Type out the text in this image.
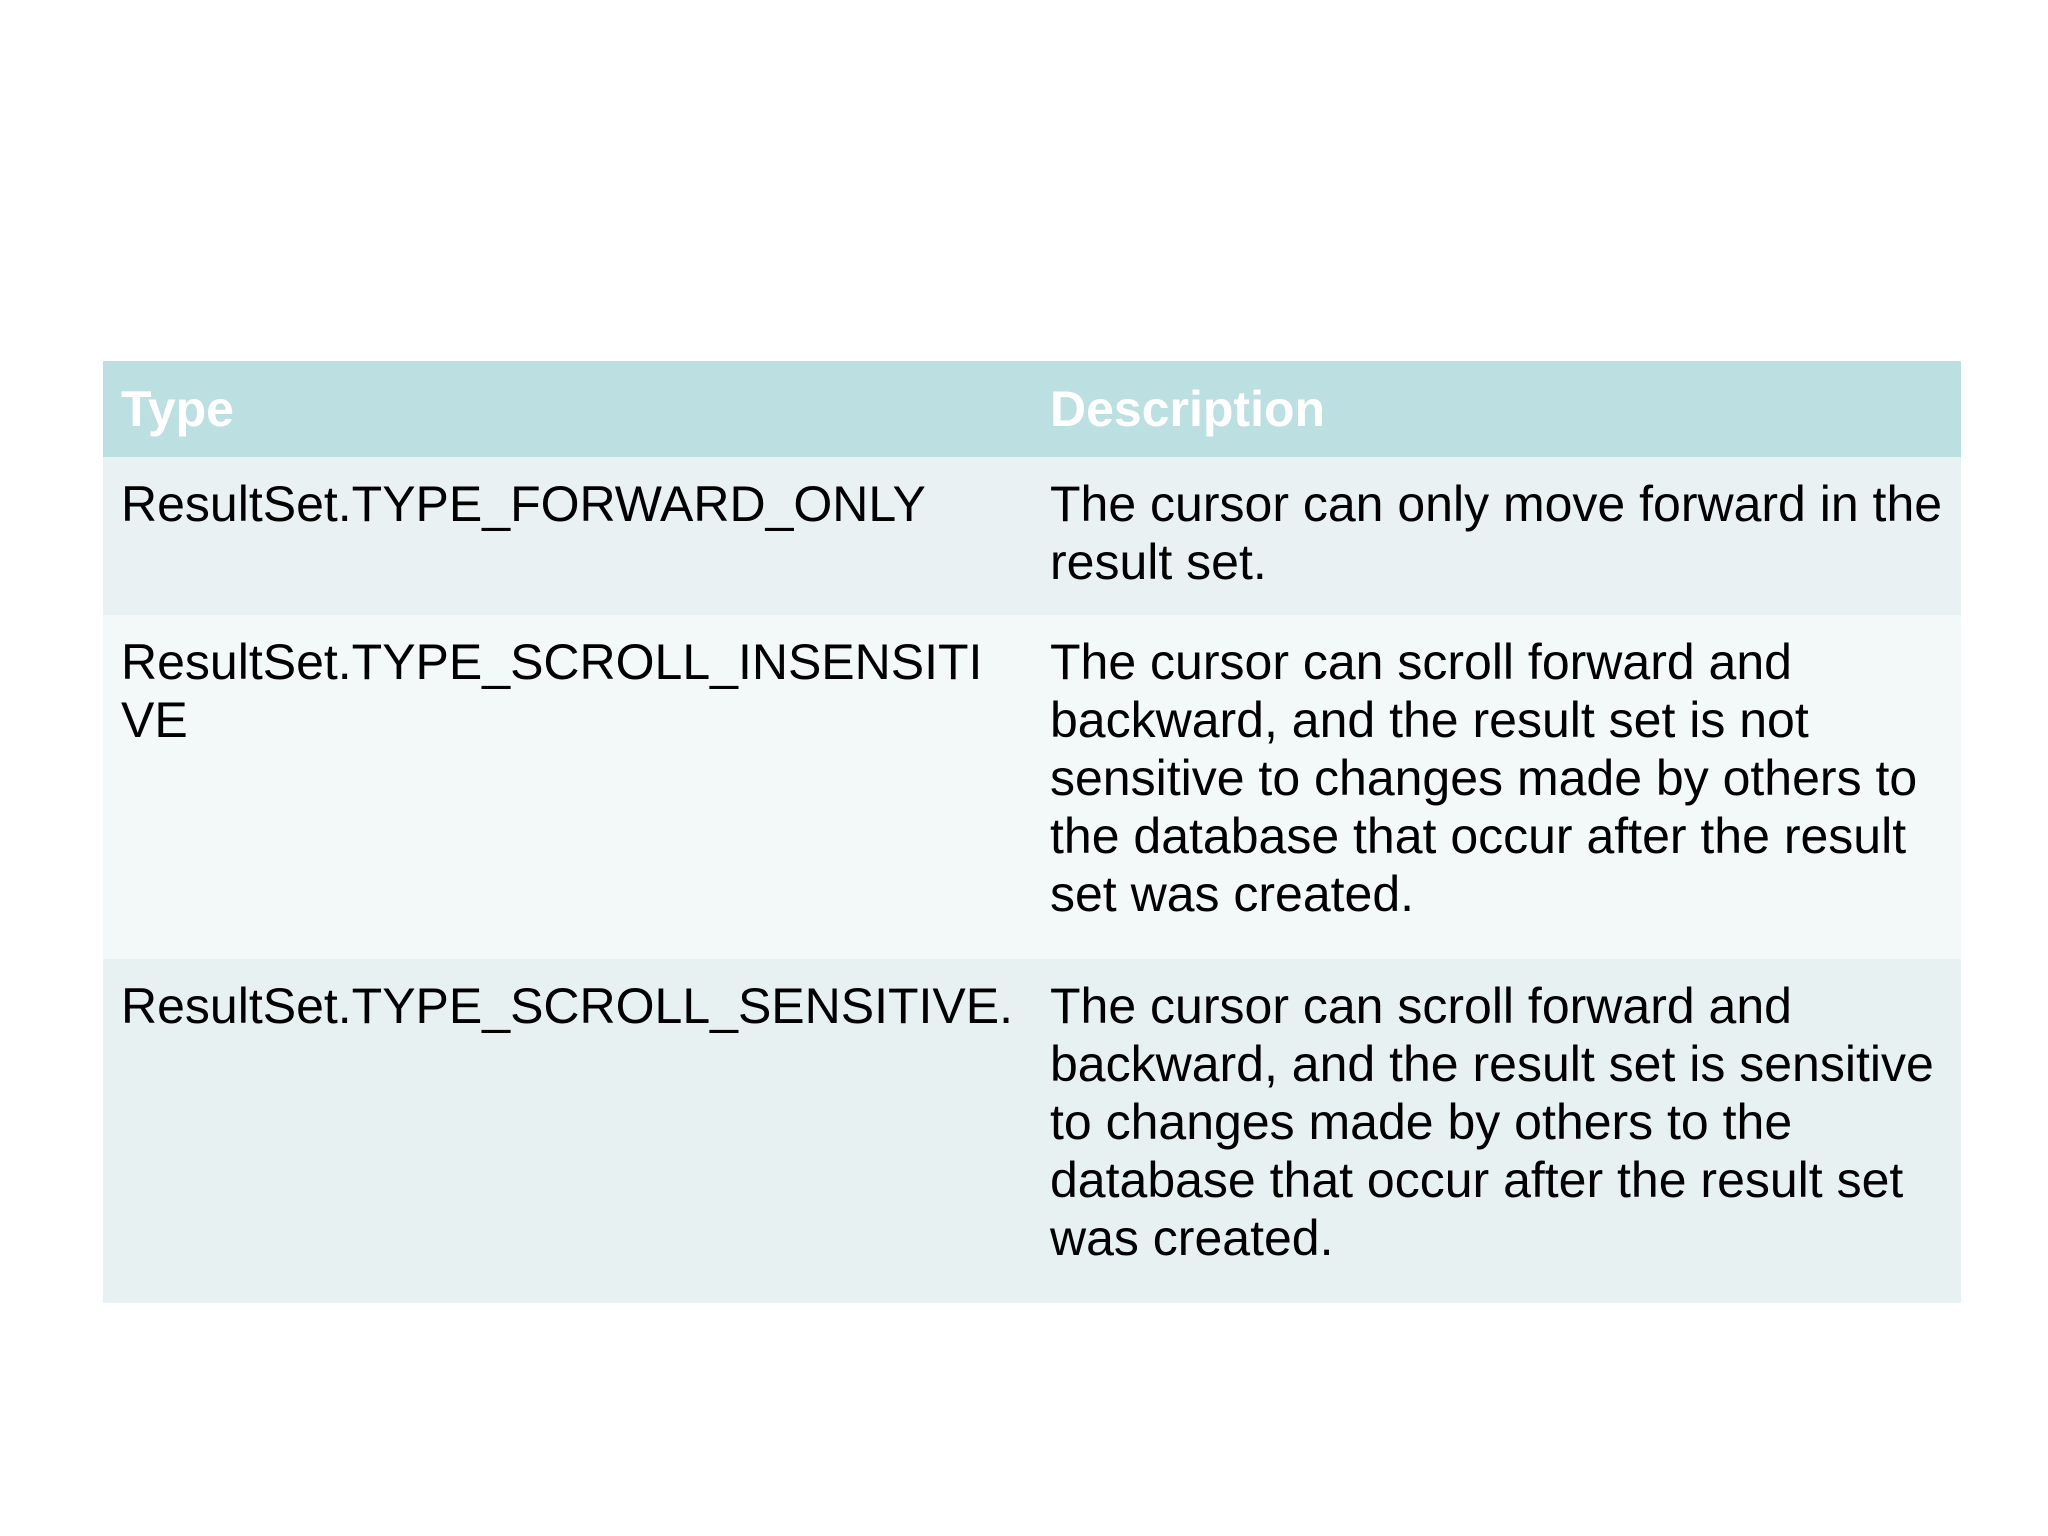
Type	Description
ResultSet.TYPE_FORWARD_ONLY	The cursor can only move forward in the result set.
ResultSet.TYPE_SCROLL_INSENSITIVE	The cursor can scroll forward and backward, and the result set is not sensitive to changes made by others to the database that occur after the result set was created.
ResultSet.TYPE_SCROLL_SENSITIVE.	The cursor can scroll forward and backward, and the result set is sensitive to changes made by others to the database that occur after the result set was created.
